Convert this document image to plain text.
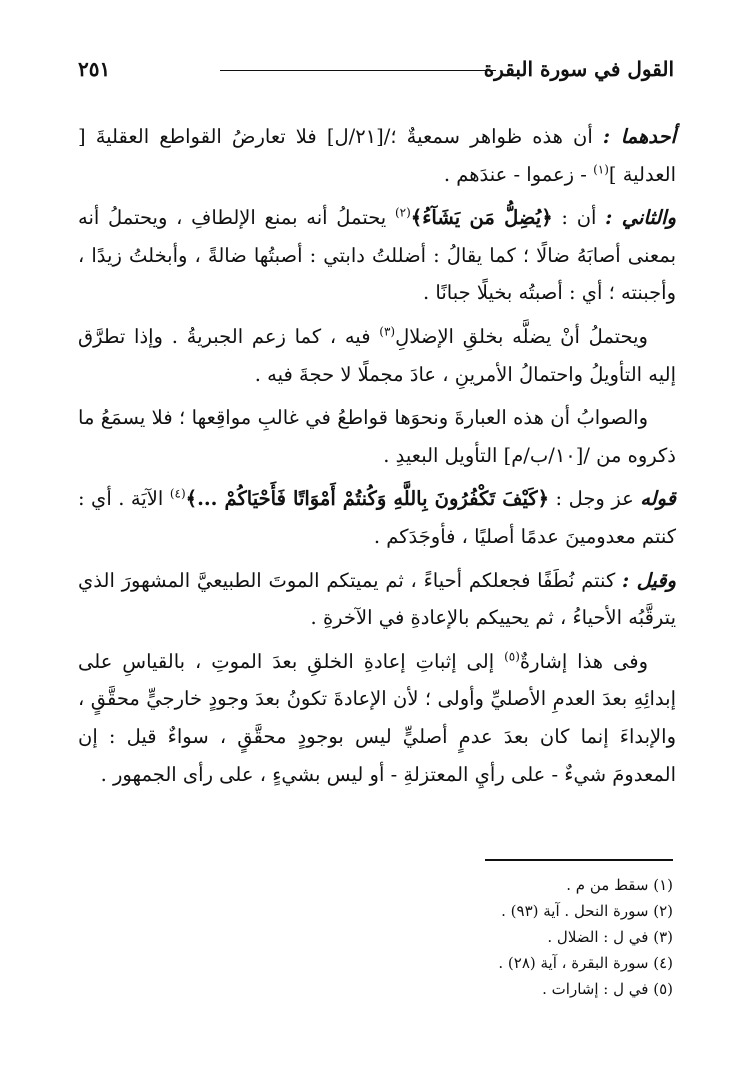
القول في سورة البقرة
٢٥١

أحدهما : أن هذه ظواهر سمعيةٌ ؛/[٢١/ل] فلا تعارضُ القواطع العقليةَ [ العدلية ]$^{(١)}$ - زعموا - عندَهم .

والثاني : أن : ﴿يُضِلُّ مَن يَشَآءُ﴾$^{(٢)}$ يحتملُ أنه بمنع الإلطافِ ، ويحتملُ أنه بمعنى أصابَهُ ضالًا ؛ كما يقالُ : أضللتُ دابتي : أصبتُها ضالةً ، وأبخلتُ زيدًا ، وأجبنته ؛ أي : أصبتُه بخيلًا جبانًا .

ويحتملُ أنْ يضلَّه بخلقِ الإضلالِ$^{(٣)}$ فيه ، كما زعم الجبريةُ . وإذا تطرَّق إليه التأويلُ واحتمالُ الأمرينِ ، عادَ مجملًا لا حجةَ فيه .

والصوابُ أن هذه العبارةَ ونحوَها قواطعُ في غالبِ مواقِعها ؛ فلا يسمَعُ ما ذكروه من /[١٠/ب/م] التأويل البعيدِ .

قوله عز وجل : ﴿كَيْفَ تَكْفُرُونَ بِاللَّهِ وَكُنتُمْ أَمْوَاتًا فَأَحْيَاكُمْ ...﴾$^{(٤)}$ الآيَة . أي : كنتم معدومينَ عدمًا أصليًا ، فأوجَدَكم .

وقيل : كنتم نُطَفًا فجعلكم أحياءً ، ثم يميتكم الموتَ الطبيعيَّ المشهورَ الذي يترقَّبُه الأحياءُ ، ثم يحييكم بالإعادةِ في الآخرةِ .

وفى هذا إشارةٌ$^{(٥)}$ إلى إثباتِ إعادةِ الخلقِ بعدَ الموتِ ، بالقياسِ على إبدائِهِ بعدَ العدمِ الأصليِّ وأولى ؛ لأن الإعادةَ تكونُ بعدَ وجودٍ خارجيٍّ محقَّقٍ ، والإبداءَ إنما كان بعدَ عدمٍ أصليٍّ ليس بوجودٍ محقَّقٍ ، سواءٌ قيل : إن المعدومَ شيءٌ - على رأيِ المعتزلةِ - أو ليس بشيءٍ ، على رأى الجمهور .

(١) سقط من م .

(٢) سورة النحل . آية (٩٣) .

(٣) في ل : الضلال .

(٤) سورة البقرة ، آية (٢٨) .

(٥) في ل : إشارات .
